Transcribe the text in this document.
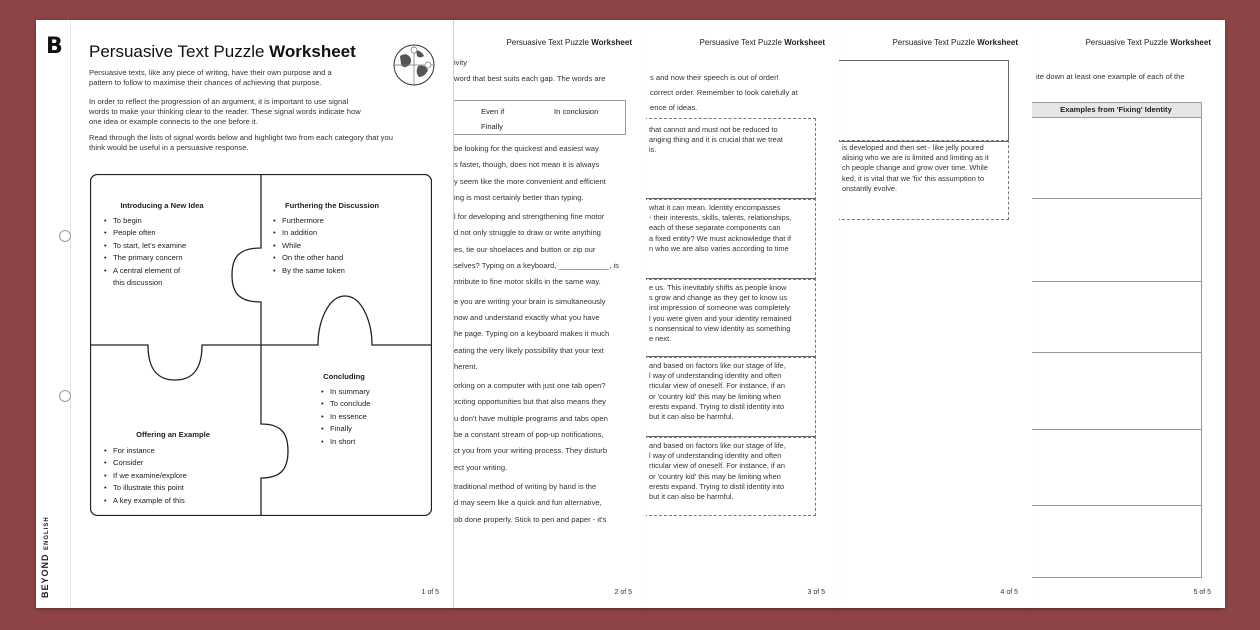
B
BEYOND ENGLISH
Persuasive Text Puzzle Worksheet
ite down at least one example of each of the
Examples from 'Fixing' Identity
5 of 5
Persuasive Text Puzzle Worksheet
is developed and then set - like jelly poured
alising who we are is limited and limiting as it
ch people change and grow over time. While
ked, it is vital that we 'fix' this assumption to
onstantly evolve.
4 of 5
Persuasive Text Puzzle Worksheet
s and now their speech is out of order!
correct order. Remember to look carefully at
ence of ideas.
that cannot and must not be reduced to
anging thing and it is crucial that we treat
is.
what it can mean. Identity encompasses
- their interests, skills, talents, relationships,
each of these separate components can
a fixed entity? We must acknowledge that if
n who we are also varies according to time
e us. This inevitably shifts as people know
s grow and change as they get to know us
irst impression of someone was completely
l you were given and your identity remained
s nonsensical to view identity as something
e next.
and based on factors like our stage of life,
l way of understanding identity and often
rticular view of oneself. For instance, if an
or 'country kid' this may be limiting when
erests expand. Trying to distil identity into
but it can also be harmful.
and based on factors like our stage of life,
l way of understanding identity and often
rticular view of oneself. For instance, if an
or 'country kid' this may be limiting when
erests expand. Trying to distil identity into
but it can also be harmful.
3 of 5
Persuasive Text Puzzle Worksheet
ivity
word that best suits each gap. The words are
Even if	In conclusion
Finally
be looking for the quickest and easiest way
s faster, though, does not mean it is always
y seem like the more convenient and efficient
ing is most certainly better than typing.
l for developing and strengthening fine motor
d not only struggle to draw or write anything
es, tie our shoelaces and button or zip our
selves? Typing on a keyboard, ____________, is
ntribute to fine motor skills in the same way.
e you are writing your brain is simultaneously
now and understand exactly what you have
he page. Typing on a keyboard makes it much
eating the very likely possibility that your text
herent.
orking on a computer with just one tab open?
xciting opportunities but that also means they
u don't have multiple programs and tabs open
be a constant stream of pop-up notifications,
ct you from your writing process. They disturb
ect your writing.
traditional method of writing by hand is the
d may seem like a quick and fun alternative,
ob done properly. Stick to pen and paper - it's
2 of 5
Persuasive Text Puzzle Worksheet
Persuasive texts, like any piece of writing, have their own purpose and a
pattern to follow to maximise their chances of achieving that purpose.
In order to reflect the progression of an argument, it is important to use signal
words to make your thinking clear to the reader. These signal words indicate how
one idea or example connects to the one before it.
Read through the lists of signal words below and highlight two from each category that you
think would be useful in a persuasive response.
Introducing a New Idea
• To begin
• People often
• To start, let's examine
• The primary concern
• A central element of
this discussion
Furthering the Discussion
• Furthermore
• In addition
• While
• On the other hand
• By the same token
Offering an Example
• For instance
• Consider
• If we examine/explore
• To illustrate this point
• A key example of this
Concluding
• In summary
• To conclude
• In essence
• Finally
• In short
1 of 5
